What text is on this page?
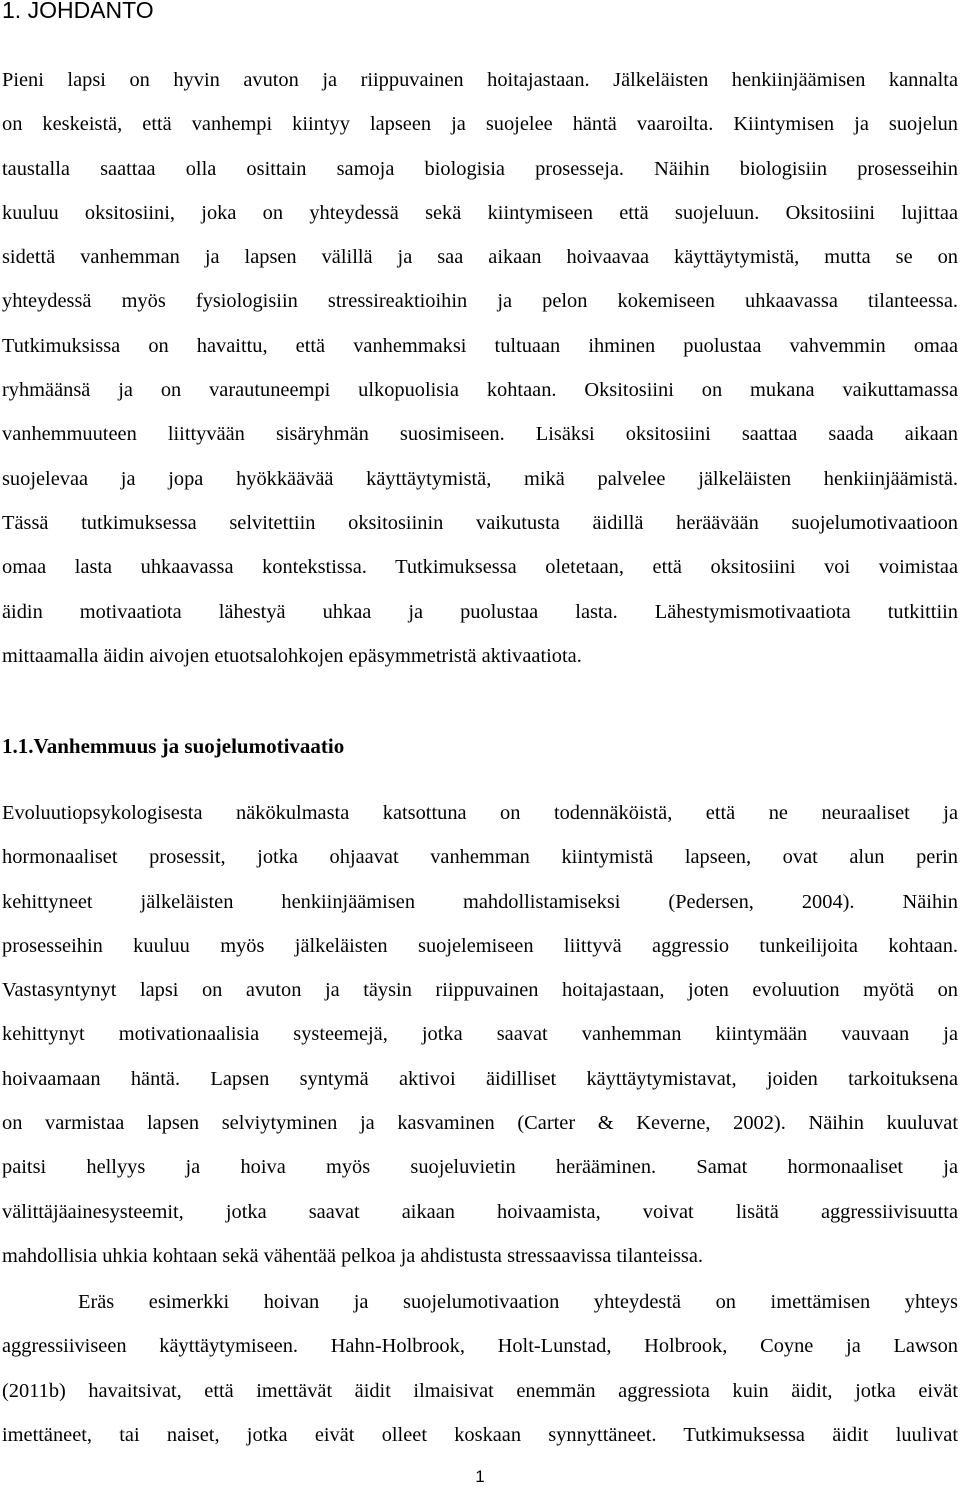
1. JOHDANTO
Pieni lapsi on hyvin avuton ja riippuvainen hoitajastaan. Jälkeläisten henkiinjäämisen kannalta
on keskeistä, että vanhempi kiintyy lapseen ja suojelee häntä vaaroilta. Kiintymisen ja suojelun
taustalla saattaa olla osittain samoja biologisia prosesseja. Näihin biologisiin prosesseihin
kuuluu oksitosiini, joka on yhteydessä sekä kiintymiseen että suojeluun. Oksitosiini lujittaa
sidettä vanhemman ja lapsen välillä ja saa aikaan hoivaavaa käyttäytymistä, mutta se on
yhteydessä myös fysiologisiin stressireaktioihin ja pelon kokemiseen uhkaavassa tilanteessa.
Tutkimuksissa on havaittu, että vanhemmaksi tultuaan ihminen puolustaa vahvemmin omaa
ryhmäänsä ja on varautuneempi ulkopuolisia kohtaan. Oksitosiini on mukana vaikuttamassa
vanhemmuuteen liittyvään sisäryhmän suosimiseen. Lisäksi oksitosiini saattaa saada aikaan
suojelevaa ja jopa hyökkäävää käyttäytymistä, mikä palvelee jälkeläisten henkiinjäämistä.
Tässä tutkimuksessa selvitettiin oksitosiinin vaikutusta äidillä heräävään suojelumotivaatioon
omaa lasta uhkaavassa kontekstissa. Tutkimuksessa oletetaan, että oksitosiini voi voimistaa
äidin motivaatiota lähestyä uhkaa ja puolustaa lasta. Lähestymismotivaatiota tutkittiin
mittaamalla äidin aivojen etuotsalohkojen epäsymmetristä aktivaatiota.
1.1.Vanhemmuus ja suojelumotivaatio
Evoluutiopsykologisesta näkökulmasta katsottuna on todennäköistä, että ne neuraaliset ja
hormonaaliset prosessit, jotka ohjaavat vanhemman kiintymistä lapseen, ovat alun perin
kehittyneet jälkeläisten henkiinjäämisen mahdollistamiseksi (Pedersen, 2004). Näihin
prosesseihin kuuluu myös jälkeläisten suojelemiseen liittyvä aggressio tunkeilijoita kohtaan.
Vastasyntynyt lapsi on avuton ja täysin riippuvainen hoitajastaan, joten evoluution myötä on
kehittynyt motivationaalisia systeemejä, jotka saavat vanhemman kiintymään vauvaan ja
hoivaamaan häntä. Lapsen syntymä aktivoi äidilliset käyttäytymistavat, joiden tarkoituksena
on varmistaa lapsen selviytyminen ja kasvaminen (Carter & Keverne, 2002). Näihin kuuluvat
paitsi hellyys ja hoiva myös suojeluvietin herääminen. Samat hormonaaliset ja
välittäjäainesysteemit, jotka saavat aikaan hoivaamista, voivat lisätä aggressiivisuutta
mahdollisia uhkia kohtaan sekä vähentää pelkoa ja ahdistusta stressaavissa tilanteissa.
Eräs esimerkki hoivan ja suojelumotivaation yhteydestä on imettämisen yhteys
aggressiiviseen käyttäytymiseen. Hahn-Holbrook, Holt-Lunstad, Holbrook, Coyne ja Lawson
(2011b) havaitsivat, että imettävät äidit ilmaisivat enemmän aggressiota kuin äidit, jotka eivät
imettäneet, tai naiset, jotka eivät olleet koskaan synnyttäneet. Tutkimuksessa äidit luulivat
1
